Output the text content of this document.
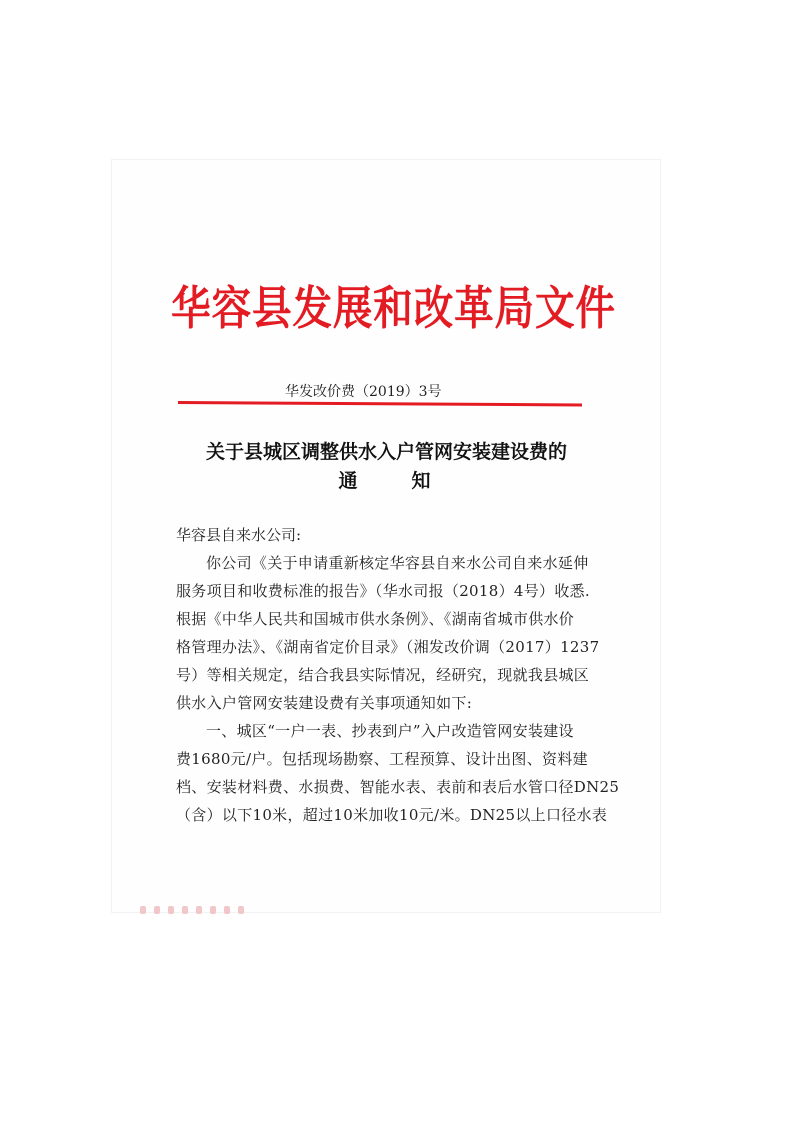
华容县发展和改革局文件
华发改价费（2019）3号
关于县城区调整供水入户管网安装建设费的
通知
华容县自来水公司:
你公司《关于申请重新核定华容县自来水公司自来水延伸
服务项目和收费标准的报告》（华水司报（2018）4号）收悉.
根据《中华人民共和国城市供水条例》、《湖南省城市供水价
格管理办法》、《湖南省定价目录》（湘发改价调（2017）1237
号）等相关规定，结合我县实际情况，经研究，现就我县城区
供水入户管网安装建设费有关事项通知如下:
一、城区“一户一表、抄表到户”入户改造管网安装建设
费1680元/户。包括现场勘察、工程预算、设计出图、资料建
档、安装材料费、水损费、智能水表、表前和表后水管口径DN25
（含）以下10米，超过10米加收10元/米。DN25以上口径水表
